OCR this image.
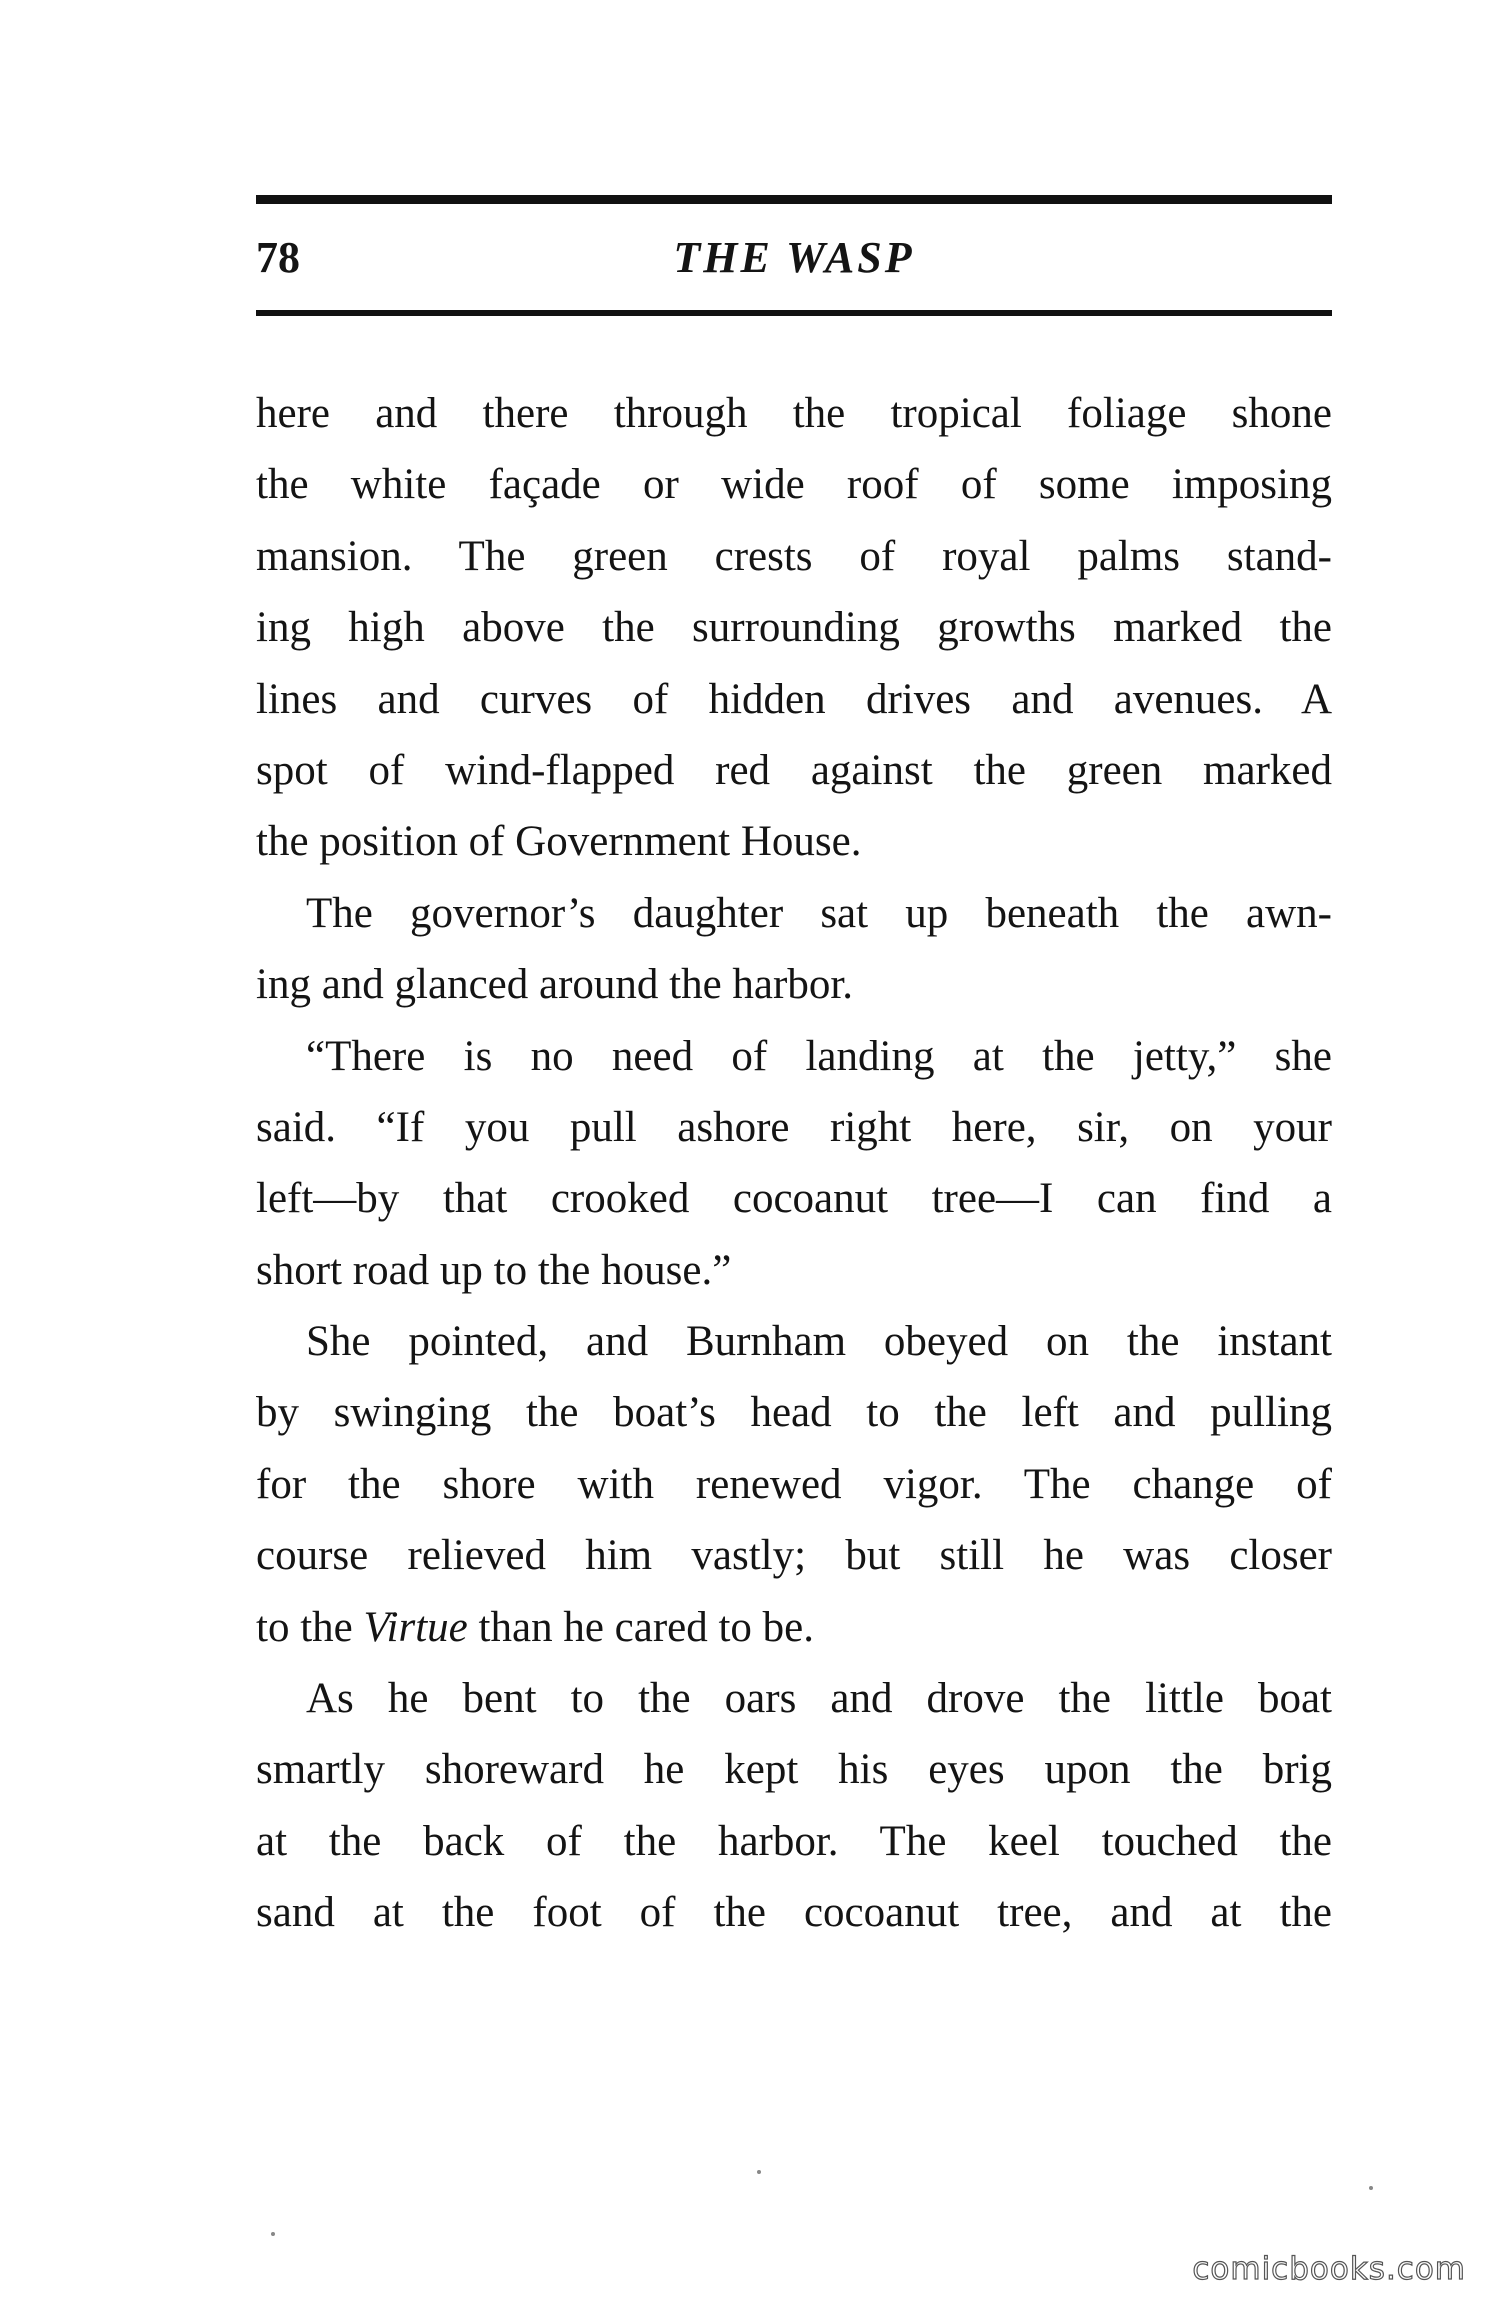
78	THE WASP
here and there through the tropical foliage shone
the white façade or wide roof of some imposing
mansion. The green crests of royal palms stand-
ing high above the surrounding growths marked the
lines and curves of hidden drives and avenues. A
spot of wind-flapped red against the green marked
the position of Government House.
The governor’s daughter sat up beneath the awn-
ing and glanced around the harbor.
“There is no need of landing at the jetty,” she
said. “If you pull ashore right here, sir, on your
left—by that crooked cocoanut tree—I can find a
short road up to the house.”
She pointed, and Burnham obeyed on the instant
by swinging the boat’s head to the left and pulling
for the shore with renewed vigor. The change of
course relieved him vastly; but still he was closer
to the Virtue than he cared to be.
As he bent to the oars and drove the little boat
smartly shoreward he kept his eyes upon the brig
at the back of the harbor. The keel touched the
sand at the foot of the cocoanut tree, and at the
comicbooks.com
